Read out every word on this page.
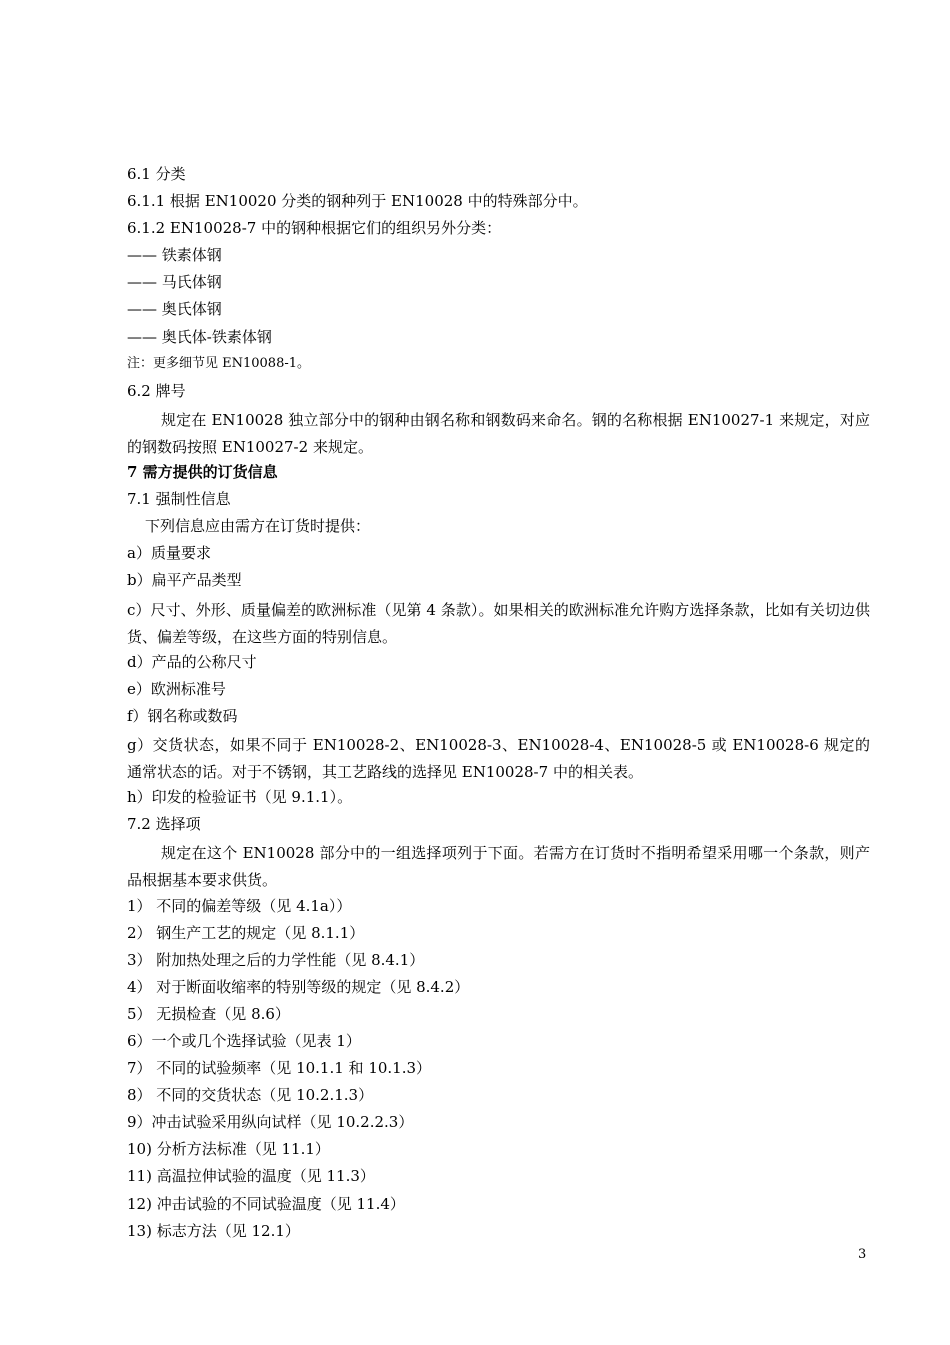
6.1 分类
6.1.1 根据 EN10020 分类的钢种列于 EN10028 中的特殊部分中。
6.1.2 EN10028-7 中的钢种根据它们的组织另外分类：
—— 铁素体钢
—— 马氏体钢
—— 奥氏体钢
—— 奥氏体-铁素体钢
注：更多细节见 EN10088-1。
6.2 牌号
规定在 EN10028 独立部分中的钢种由钢名称和钢数码来命名。钢的名称根据 EN10027-1 来规定，对应的钢数码按照 EN10027-2 来规定。
7 需方提供的订货信息
7.1 强制性信息
下列信息应由需方在订货时提供：
a）质量要求
b）扁平产品类型
c）尺寸、外形、质量偏差的欧洲标准（见第 4 条款）。如果相关的欧洲标准允许购方选择条款，比如有关切边供货、偏差等级，在这些方面的特别信息。
d）产品的公称尺寸
e）欧洲标准号
f）钢名称或数码
g）交货状态，如果不同于 EN10028-2、EN10028-3、EN10028-4、EN10028-5 或 EN10028-6 规定的通常状态的话。对于不锈钢，其工艺路线的选择见 EN10028-7 中的相关表。
h）印发的检验证书（见 9.1.1）。
7.2 选择项
规定在这个 EN10028 部分中的一组选择项列于下面。若需方在订货时不指明希望采用哪一个条款，则产品根据基本要求供货。
1） 不同的偏差等级（见 4.1a））
2） 钢生产工艺的规定（见 8.1.1）
3） 附加热处理之后的力学性能（见 8.4.1）
4） 对于断面收缩率的特别等级的规定（见 8.4.2）
5） 无损检查（见 8.6）
6）一个或几个选择试验（见表 1）
7） 不同的试验频率（见 10.1.1 和 10.1.3）
8） 不同的交货状态（见 10.2.1.3）
9）冲击试验采用纵向试样（见 10.2.2.3）
10) 分析方法标准（见 11.1）
11) 高温拉伸试验的温度（见 11.3）
12) 冲击试验的不同试验温度（见 11.4）
13) 标志方法（见 12.1）
3
